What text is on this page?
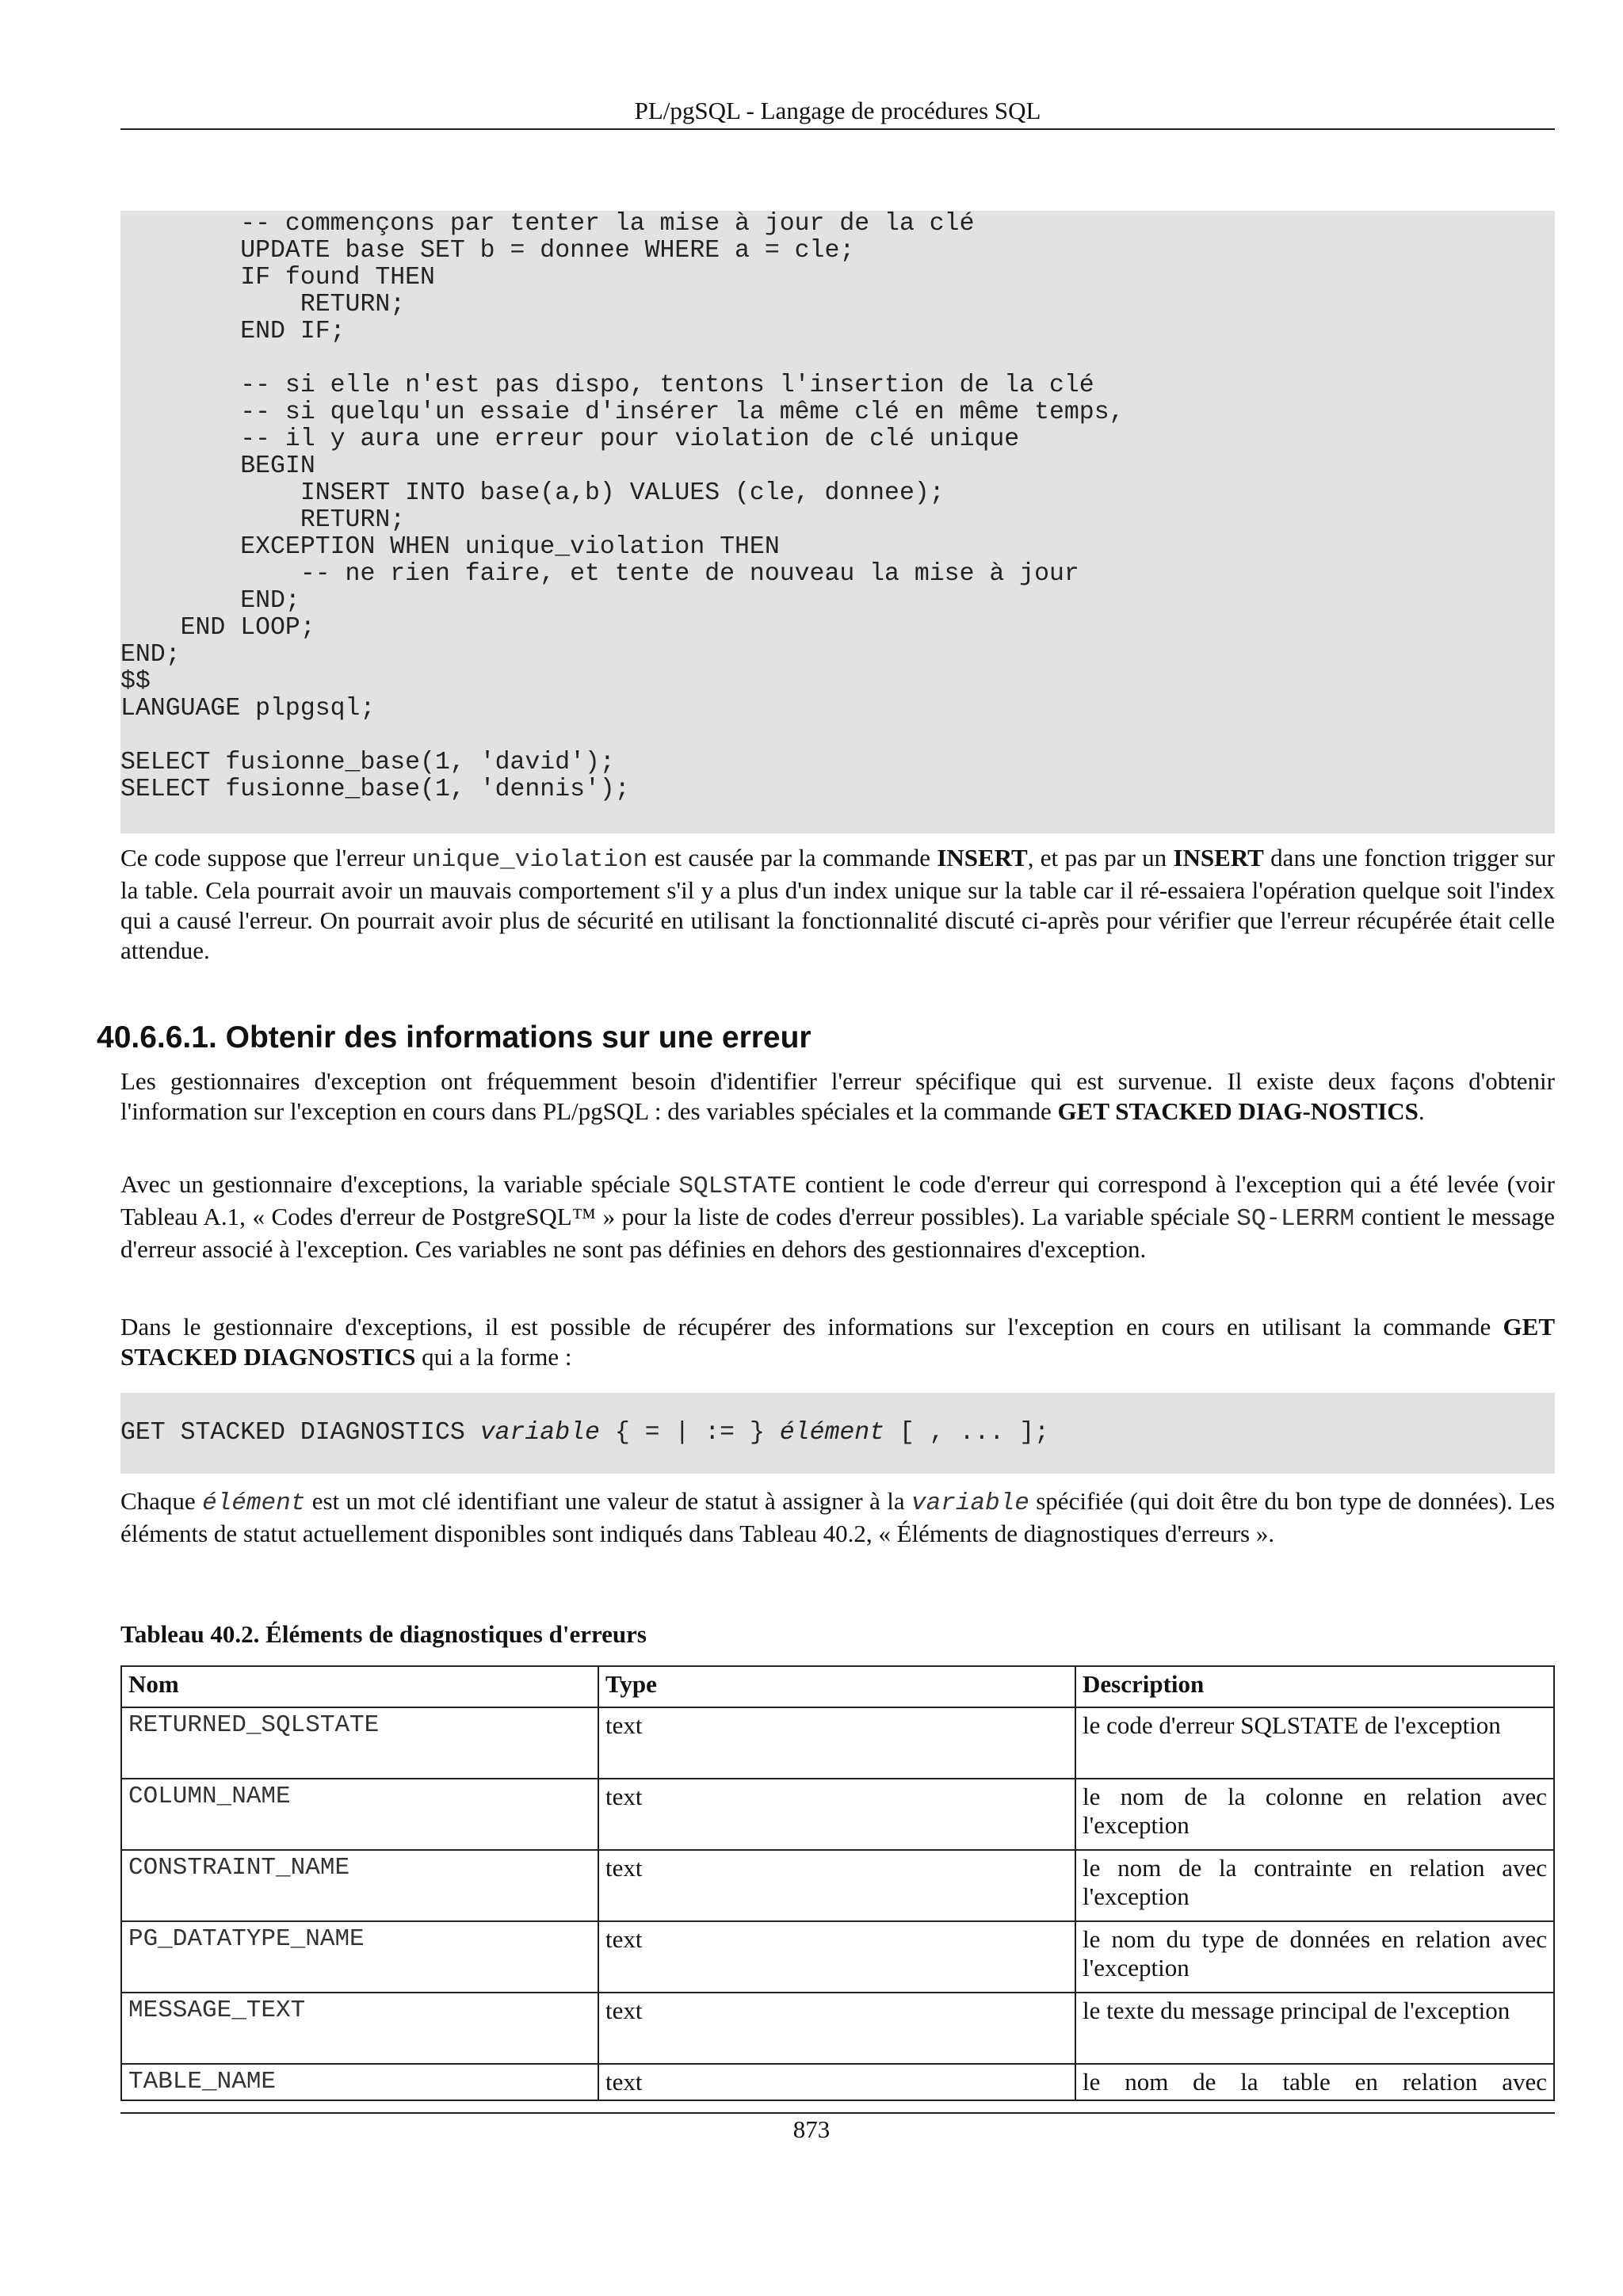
PL/pgSQL - Langage de procédures SQL
-- commençons par tenter la mise à jour de la clé
UPDATE base SET b = donnee WHERE a = cle;
IF found THEN
RETURN;
END IF;
-- si elle n'est pas dispo, tentons l'insertion de la clé
-- si quelqu'un essaie d'insérer la même clé en même temps,
-- il y aura une erreur pour violation de clé unique
BEGIN
INSERT INTO base(a,b) VALUES (cle, donnee);
RETURN;
EXCEPTION WHEN unique_violation THEN
-- ne rien faire, et tente de nouveau la mise à jour
END;
END LOOP;
END;
$$
LANGUAGE plpgsql;
SELECT fusionne_base(1, 'david');
SELECT fusionne_base(1, 'dennis');

Ce code suppose que l'erreur unique_violation est causée par la commande INSERT, et pas par un INSERT dans une fonction trigger sur la table. Cela pourrait avoir un mauvais comportement s'il y a plus d'un index unique sur la table car il ré-essaiera l'opération quelque soit l'index qui a causé l'erreur. On pourrait avoir plus de sécurité en utilisant la fonctionnalité discuté ci-après pour vérifier que l'erreur récupérée était celle attendue.

40.6.6.1. Obtenir des informations sur une erreur

Les gestionnaires d'exception ont fréquemment besoin d'identifier l'erreur spécifique qui est survenue. Il existe deux façons d'obtenir l'information sur l'exception en cours dans PL/pgSQL : des variables spéciales et la commande GET STACKED DIAG-NOSTICS.

Avec un gestionnaire d'exceptions, la variable spéciale SQLSTATE contient le code d'erreur qui correspond à l'exception qui a été levée (voir Tableau A.1, « Codes d'erreur de PostgreSQL™ » pour la liste de codes d'erreur possibles). La variable spéciale SQ-LERRM contient le message d'erreur associé à l'exception. Ces variables ne sont pas définies en dehors des gestionnaires d'exception.

Dans le gestionnaire d'exceptions, il est possible de récupérer des informations sur l'exception en cours en utilisant la commande GET STACKED DIAGNOSTICS qui a la forme :

GET STACKED DIAGNOSTICS variable { = | := } élément [ , ... ];

Chaque élément est un mot clé identifiant une valeur de statut à assigner à la variable spécifiée (qui doit être du bon type de données). Les éléments de statut actuellement disponibles sont indiqués dans Tableau 40.2, « Éléments de diagnostiques d'erreurs ».

Tableau 40.2. Éléments de diagnostiques d'erreurs

Nom	Type	Description
RETURNED_SQLSTATE	text	le code d'erreur SQLSTATE de l'exception
COLUMN_NAME	text	le nom de la colonne en relation avec l'exception
CONSTRAINT_NAME	text	le nom de la contrainte en relation avec l'exception
PG_DATATYPE_NAME	text	le nom du type de données en relation avec l'exception
MESSAGE_TEXT	text	le texte du message principal de l'exception
TABLE_NAME	text	le nom de la table en relation avec
873
